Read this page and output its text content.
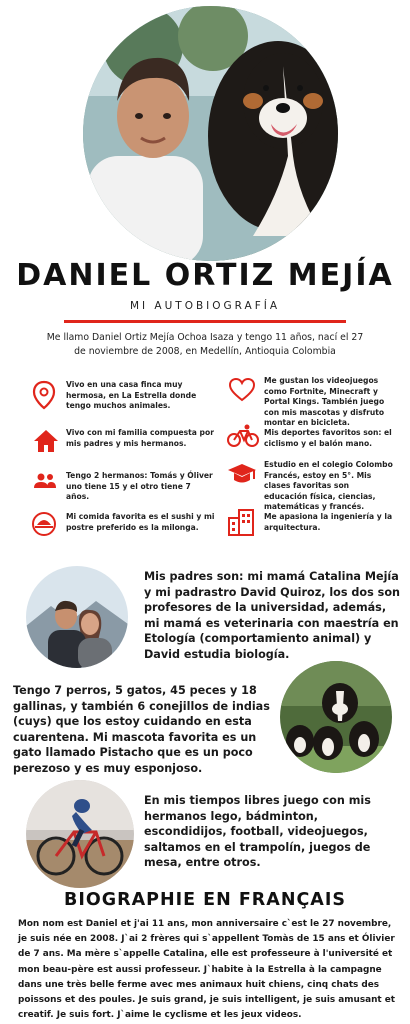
DANIEL ORTIZ MEJÍA
MI AUTOBIOGRAFÍA
Me llamo Daniel Ortiz Mejía Ochoa Isaza y tengo 11 años, nací el 27 de noviembre de 2008, en Medellín, Antioquia Colombia
Vivo en una casa finca muy hermosa, en La Estrella donde tengo muchos animales.
Vivo con mi familia compuesta por mis padres y mis hermanos.
Tengo 2 hermanos: Tomás y Óliver uno tiene 15 y el otro tiene 7 años.
Mi comida favorita es el sushi y mi postre preferido es la milonga.
Me gustan los videojuegos como Fortnite, Minecraft y Portal Kings. También juego con mis mascotas y disfruto montar en bicicleta.
Mis deportes favoritos son: el ciclismo y el balón mano.
Estudio en el colegio Colombo Francés, estoy en 5°. Mis clases favoritas son educación física, ciencias, matemáticas y francés.
Me apasiona la ingeniería y la arquitectura.
Mis padres son: mi mamá Catalina Mejía y mi padrastro David Quiroz, los dos son profesores de la universidad, además, mi mamá es veterinaria con maestría en Etología (comportamiento animal) y David estudia biología.
Tengo 7 perros, 5 gatos, 45 peces y 18 gallinas, y también 6 conejillos de indias (cuys) que los estoy cuidando en esta cuarentena. Mi mascota favorita es un gato llamado Pistacho que es un poco perezoso y es muy esponjoso.
En mis tiempos libres juego con mis hermanos lego, bádminton, escondidijos, football, videojuegos, saltamos en el trampolín, juegos de mesa, entre otros.
BIOGRAPHIE EN FRANÇAIS
Mon nom est Daniel et j'ai 11 ans, mon anniversaire c`est le 27 novembre, je suis née en 2008. J`ai 2 frères qui s`appellent Tomàs de 15 ans et Ólivier de 7 ans. Ma mère s`appelle Catalina, elle est professeure à l'université et mon beau-père est aussi professeur. J`habite à la Estrella à la campagne dans une très belle ferme avec mes animaux huit chiens, cinq chats des poissons et des poules. Je suis grand, je suis intelligent, je suis amusant et creatif. Je suis fort. J`aime le cyclisme et les jeux videos.
